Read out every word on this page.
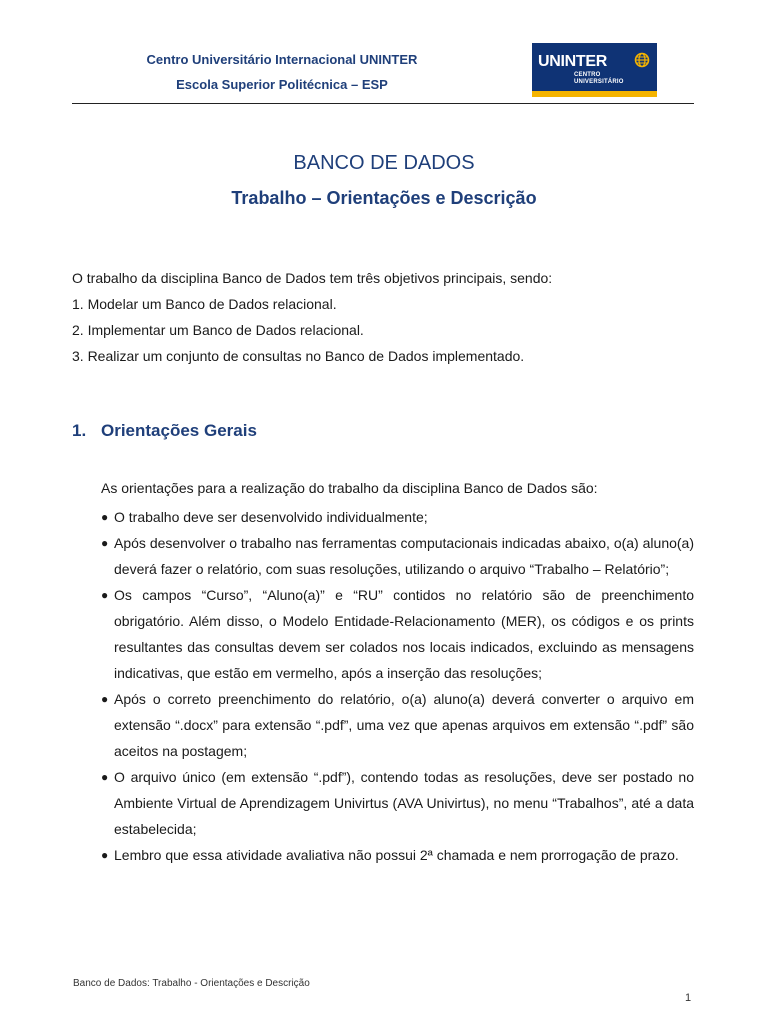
Centro Universitário Internacional UNINTER
Escola Superior Politécnica – ESP
UNINTER
CENTRO
UNIVERSITÁRIO
BANCO DE DADOS
Trabalho – Orientações e Descrição
O trabalho da disciplina Banco de Dados tem três objetivos principais, sendo:
1. Modelar um Banco de Dados relacional.
2. Implementar um Banco de Dados relacional.
3. Realizar um conjunto de consultas no Banco de Dados implementado.
1. Orientações Gerais
As orientações para a realização do trabalho da disciplina Banco de Dados são:
● O trabalho deve ser desenvolvido individualmente;
● Após desenvolver o trabalho nas ferramentas computacionais indicadas abaixo, o(a) aluno(a) deverá fazer o relatório, com suas resoluções, utilizando o arquivo “Trabalho – Relatório”;
● Os campos “Curso”, “Aluno(a)” e “RU” contidos no relatório são de preenchimento obrigatório. Além disso, o Modelo Entidade-Relacionamento (MER), os códigos e os prints resultantes das consultas devem ser colados nos locais indicados, excluindo as mensagens indicativas, que estão em vermelho, após a inserção das resoluções;
● Após o correto preenchimento do relatório, o(a) aluno(a) deverá converter o arquivo em extensão “.docx” para extensão “.pdf”, uma vez que apenas arquivos em extensão “.pdf” são aceitos na postagem;
● O arquivo único (em extensão “.pdf”), contendo todas as resoluções, deve ser postado no Ambiente Virtual de Aprendizagem Univirtus (AVA Univirtus), no menu “Trabalhos”, até a data estabelecida;
● Lembro que essa atividade avaliativa não possui 2ª chamada e nem prorrogação de prazo.
Banco de Dados: Trabalho - Orientações e Descrição
1
